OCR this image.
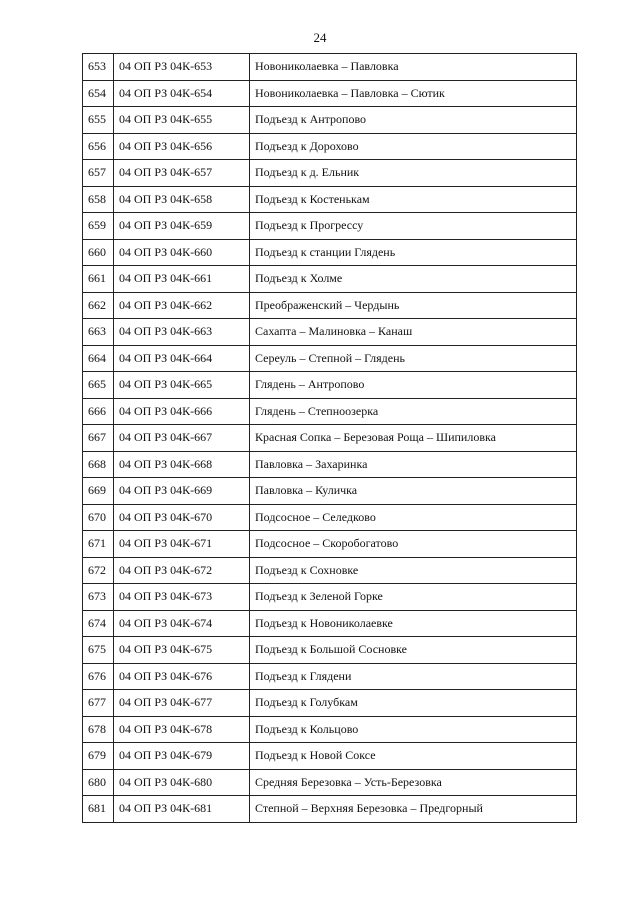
24
653	04 ОП РЗ 04К-653	Новониколаевка – Павловка
654	04 ОП РЗ 04К-654	Новониколаевка – Павловка – Сютик
655	04 ОП РЗ 04К-655	Подъезд к Антропово
656	04 ОП РЗ 04К-656	Подъезд к Дорохово
657	04 ОП РЗ 04К-657	Подъезд к д. Ельник
658	04 ОП РЗ 04К-658	Подъезд к Костенькам
659	04 ОП РЗ 04К-659	Подъезд к Прогрессу
660	04 ОП РЗ 04К-660	Подъезд к станции Глядень
661	04 ОП РЗ 04К-661	Подъезд к Холме
662	04 ОП РЗ 04К-662	Преображенский – Чердынь
663	04 ОП РЗ 04К-663	Сахапта – Малиновка – Канаш
664	04 ОП РЗ 04К-664	Сереуль – Степной – Глядень
665	04 ОП РЗ 04К-665	Глядень – Антропово
666	04 ОП РЗ 04К-666	Глядень – Степноозерка
667	04 ОП РЗ 04К-667	Красная Сопка – Березовая Роща – Шипиловка
668	04 ОП РЗ 04К-668	Павловка – Захаринка
669	04 ОП РЗ 04К-669	Павловка – Куличка
670	04 ОП РЗ 04К-670	Подсосное – Селедково
671	04 ОП РЗ 04К-671	Подсосное – Скоробогатово
672	04 ОП РЗ 04К-672	Подъезд к Сохновке
673	04 ОП РЗ 04К-673	Подъезд к Зеленой Горке
674	04 ОП РЗ 04К-674	Подъезд к Новониколаевке
675	04 ОП РЗ 04К-675	Подъезд к Большой Сосновке
676	04 ОП РЗ 04К-676	Подъезд к Глядени
677	04 ОП РЗ 04К-677	Подъезд к Голубкам
678	04 ОП РЗ 04К-678	Подъезд к Кольцово
679	04 ОП РЗ 04К-679	Подъезд к Новой Соксе
680	04 ОП РЗ 04К-680	Средняя Березовка – Усть-Березовка
681	04 ОП РЗ 04К-681	Степной – Верхняя Березовка – Предгорный
